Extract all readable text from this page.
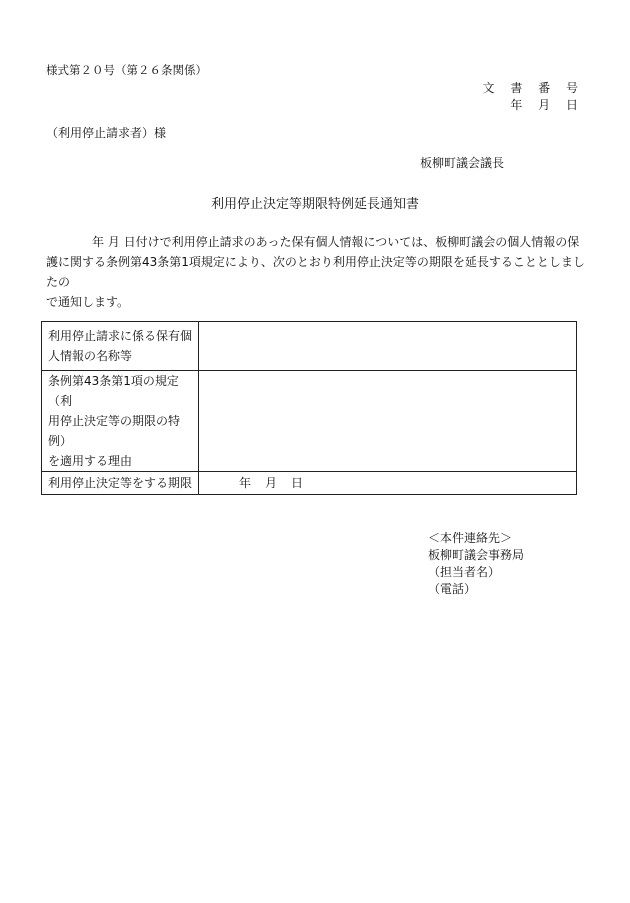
様式第２０号（第２６条関係）
文 書 番 号
年 月 日
（利用停止請求者）様
板柳町議会議長
利用停止決定等期限特例延長通知書
年 月 日付けで利用停止請求のあった保有個人情報については、板柳町議会の個人情報の保
護に関する条例第43条第1項規定により、次のとおり利用停止決定等の期限を延長することとしましたの
で通知します。
利用停止請求に係る保有個
人情報の名称等	

条例第43条第1項の規定（利
用停止決定等の期限の特例）
を適用する理由	

利用停止決定等をする期限	年 月 日
＜本件連絡先＞
板柳町議会事務局
（担当者名）
（電話）
